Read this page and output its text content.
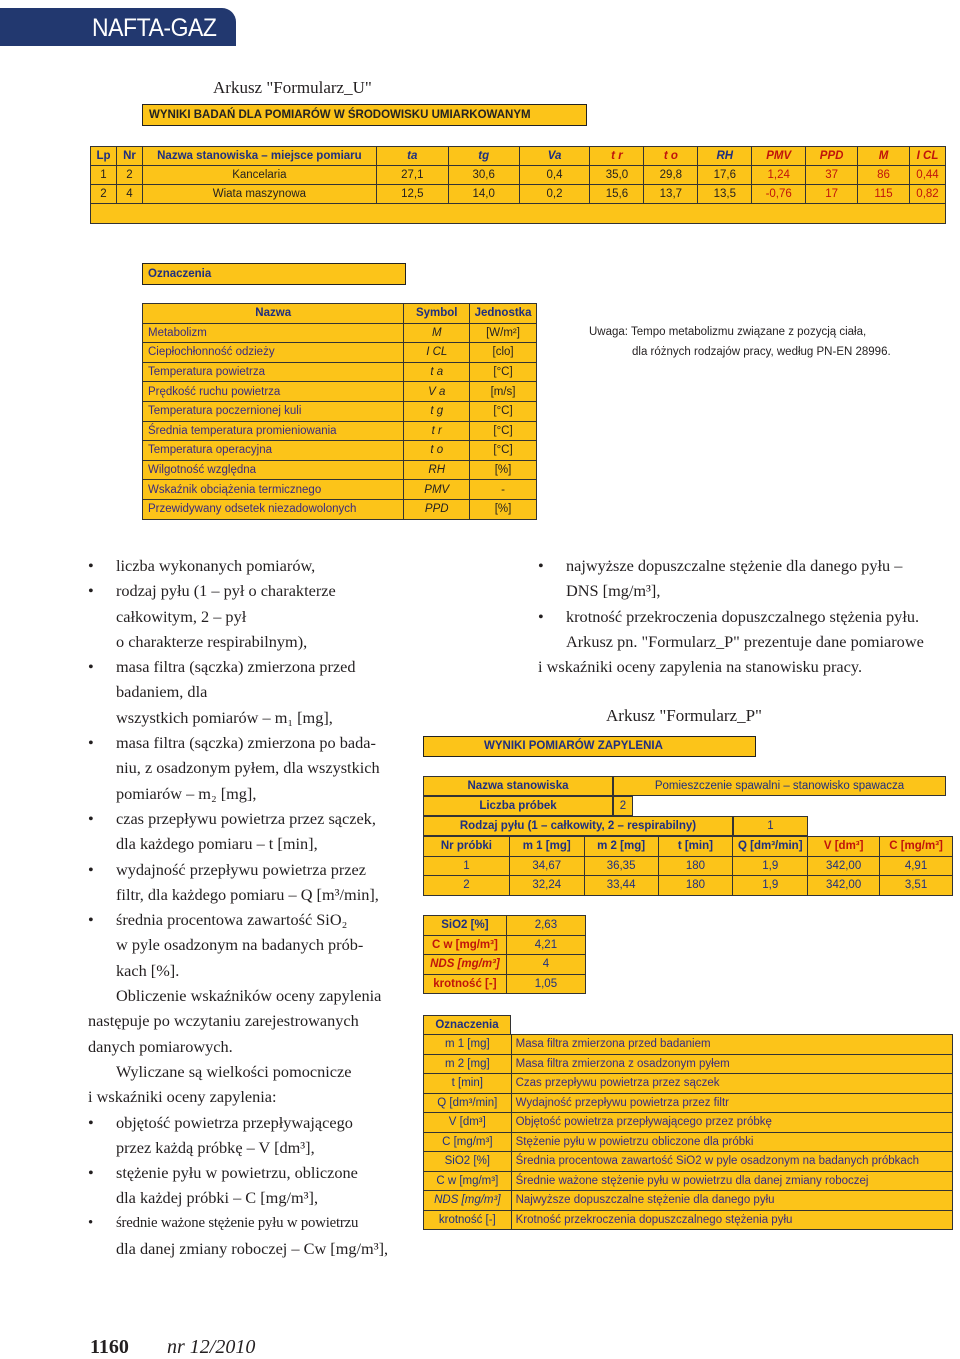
NAFTA-GAZ
Arkusz "Formularz_U"
WYNIKI BADAŃ DLA POMIARÓW W ŚRODOWISKU UMIARKOWANYM
Lp	Nr	Nazwa stanowiska – miejsce pomiaru	ta	tg	Va	t r	t o	RH	PMV	PPD	M	I CL
1	2	Kancelaria	27,1	30,6	0,4	35,0	29,8	17,6	1,24	37	86	0,44
2	4	Wiata maszynowa	12,5	14,0	0,2	15,6	13,7	13,5	-0,76	17	115	0,82
Oznaczenia
Nazwa	Symbol	Jednostka
Metabolizm	M	[W/m²]
Ciepłochłonność odzieży	I CL	[clo]
Temperatura powietrza	t a	[°C]
Prędkość ruchu powietrza	V a	[m/s]
Temperatura poczernionej kuli	t g	[°C]
Średnia temperatura promieniowania	t r	[°C]
Temperatura operacyjna	t o	[°C]
Wilgotność względna	RH	[%]
Wskaźnik obciążenia termicznego	PMV	-
Przewidywany odsetek niezadowolonych	PPD	[%]
Uwaga: Tempo metabolizmu związane z pozycją ciała,
dla różnych rodzajów pracy, według PN-EN 28996.
• liczba wykonanych pomiarów,
• rodzaj pyłu (1 – pył o charakterze całkowitym, 2 – pył
o charakterze respirabilnym),
• masa filtra (sączka) zmierzona przed badaniem, dla
wszystkich pomiarów – m₁ [mg],
• masa filtra (sączka) zmierzona po bada-
niu, z osadzonym pyłem, dla wszystkich
pomiarów – m₂ [mg],
• czas przepływu powietrza przez sączek,
dla każdego pomiaru – t [min],
• wydajność przepływu powietrza przez
filtr, dla każdego pomiaru – Q [m³/min],
• średnia procentowa zawartość SiO₂
w pyle osadzonym na badanych prób-
kach [%].
Obliczenie wskaźników oceny zapylenia
następuje po wczytaniu zarejestrowanych
danych pomiarowych.
Wyliczane są wielkości pomocnicze
i wskaźniki oceny zapylenia:
• objętość powietrza przepływającego
przez każdą próbkę – V [dm³],
• stężenie pyłu w powietrzu, obliczone
dla każdej próbki – C [mg/m³],
• średnie ważone stężenie pyłu w powietrzu
dla danej zmiany roboczej – Cw [mg/m³],
• najwyższe dopuszczalne stężenie dla danego pyłu –
DNS [mg/m³],
• krotność przekroczenia dopuszczalnego stężenia pyłu.
Arkusz pn. "Formularz_P" prezentuje dane pomiarowe
i wskaźniki oceny zapylenia na stanowisku pracy.
Arkusz "Formularz_P"
WYNIKI POMIARÓW ZAPYLENIA
Nazwa stanowiska	Pomieszczenie spawalni – stanowisko spawacza
Liczba próbek	2
Rodzaj pyłu (1 – całkowity, 2 – respirabilny)	1
Nr próbki	m 1 [mg]	m 2 [mg]	t [min]	Q [dm³/min]	V [dm³]	C [mg/m³]
1	34,67	36,35	180	1,9	342,00	4,91
2	32,24	33,44	180	1,9	342,00	3,51
SiO2 [%]	2,63
C w [mg/m³]	4,21
NDS [mg/m³]	4
krotność [-]	1,05
Oznaczenia
m 1 [mg]	Masa filtra zmierzona przed badaniem
m 2 [mg]	Masa filtra zmierzona z osadzonym pyłem
t [min]	Czas przepływu powietrza przez sączek
Q [dm³/min]	Wydajność przepływu powietrza przez filtr
V [dm³]	Objętość powietrza przepływającego przez próbkę
C [mg/m³]	Stężenie pyłu w powietrzu obliczone dla próbki
SiO2 [%]	Średnia procentowa zawartość SiO2 w pyle osadzonym na badanych próbkach
C w [mg/m³]	Średnie ważone stężenie pyłu w powietrzu dla danej zmiany roboczej
NDS [mg/m³]	Najwyższe dopuszczalne stężenie dla danego pyłu
krotność [-]	Krotność przekroczenia dopuszczalnego stężenia pyłu
1160 nr 12/2010
